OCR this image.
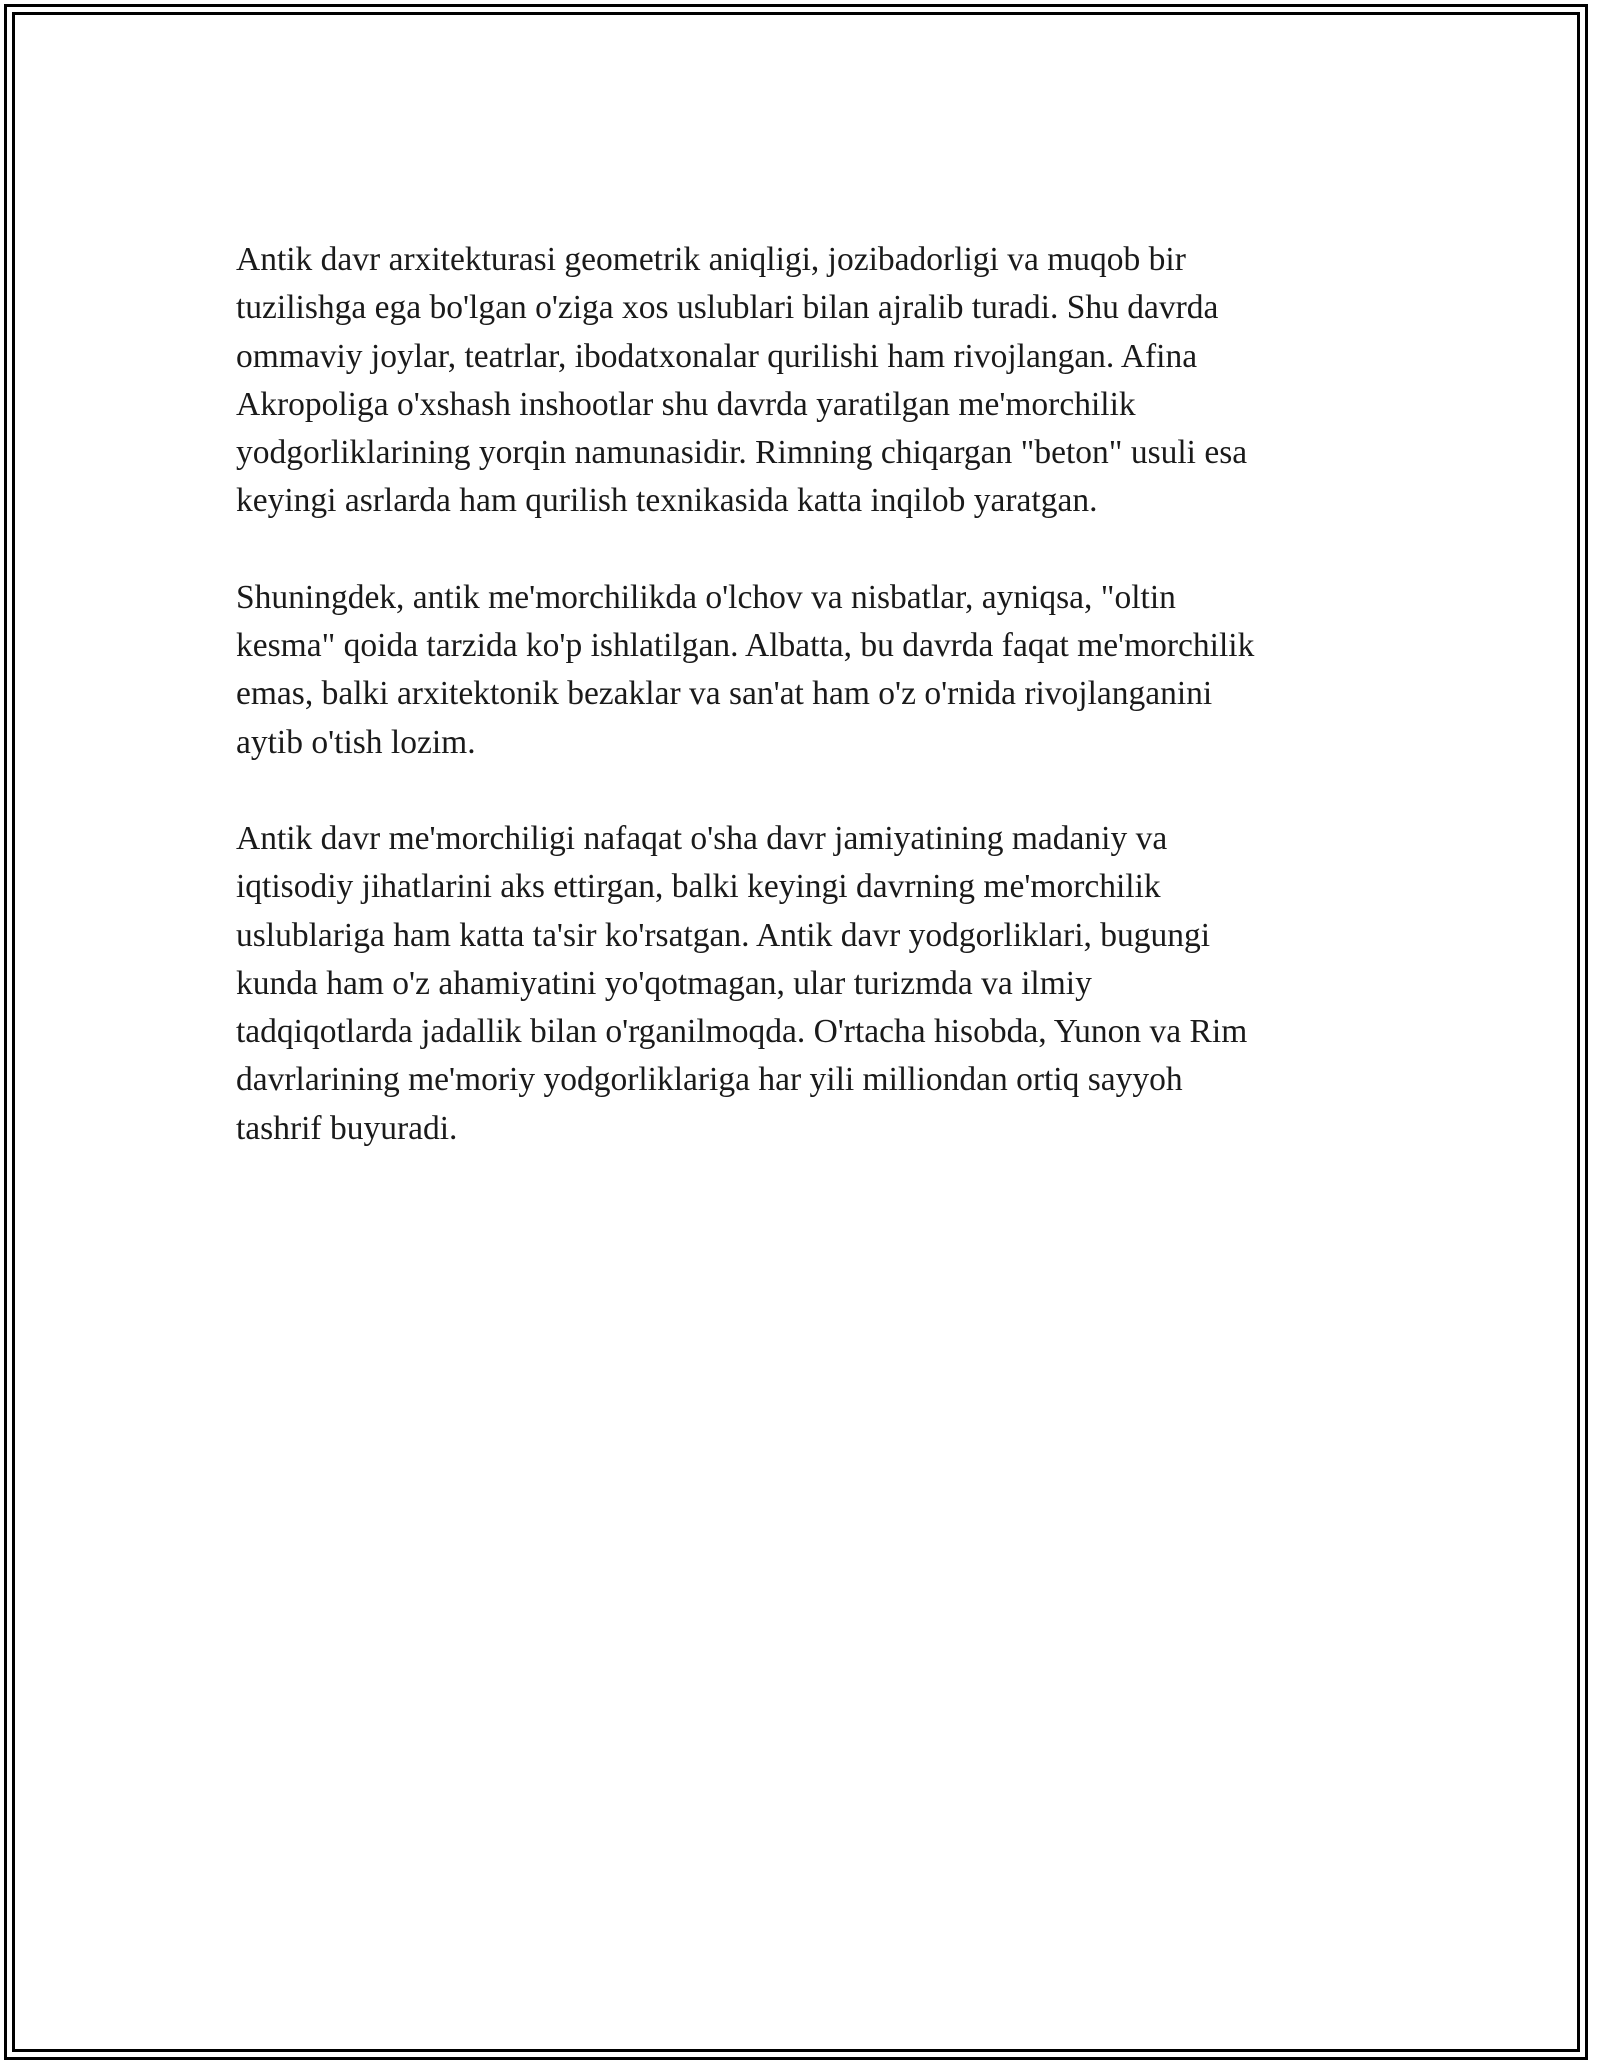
Antik davr arxitekturasi geometrik aniqligi, jozibadorligi va muqob bir
tuzilishga ega bo'lgan o'ziga xos uslublari bilan ajralib turadi. Shu davrda
ommaviy joylar, teatrlar, ibodatxonalar qurilishi ham rivojlangan. Afina
Akropoliga o'xshash inshootlar shu davrda yaratilgan me'morchilik
yodgorliklarining yorqin namunasidir. Rimning chiqargan "beton" usuli esa
keyingi asrlarda ham qurilish texnikasida katta inqilob yaratgan.

Shuningdek, antik me'morchilikda o'lchov va nisbatlar, ayniqsa, "oltin
kesma" qoida tarzida ko'p ishlatilgan. Albatta, bu davrda faqat me'morchilik
emas, balki arxitektonik bezaklar va san'at ham o'z o'rnida rivojlanganini
aytib o'tish lozim.

Antik davr me'morchiligi nafaqat o'sha davr jamiyatining madaniy va
iqtisodiy jihatlarini aks ettirgan, balki keyingi davrning me'morchilik
uslublariga ham katta ta'sir ko'rsatgan. Antik davr yodgorliklari, bugungi
kunda ham o'z ahamiyatini yo'qotmagan, ular turizmda va ilmiy
tadqiqotlarda jadallik bilan o'rganilmoqda. O'rtacha hisobda, Yunon va Rim
davrlarining me'moriy yodgorliklariga har yili milliondan ortiq sayyoh
tashrif buyuradi.
